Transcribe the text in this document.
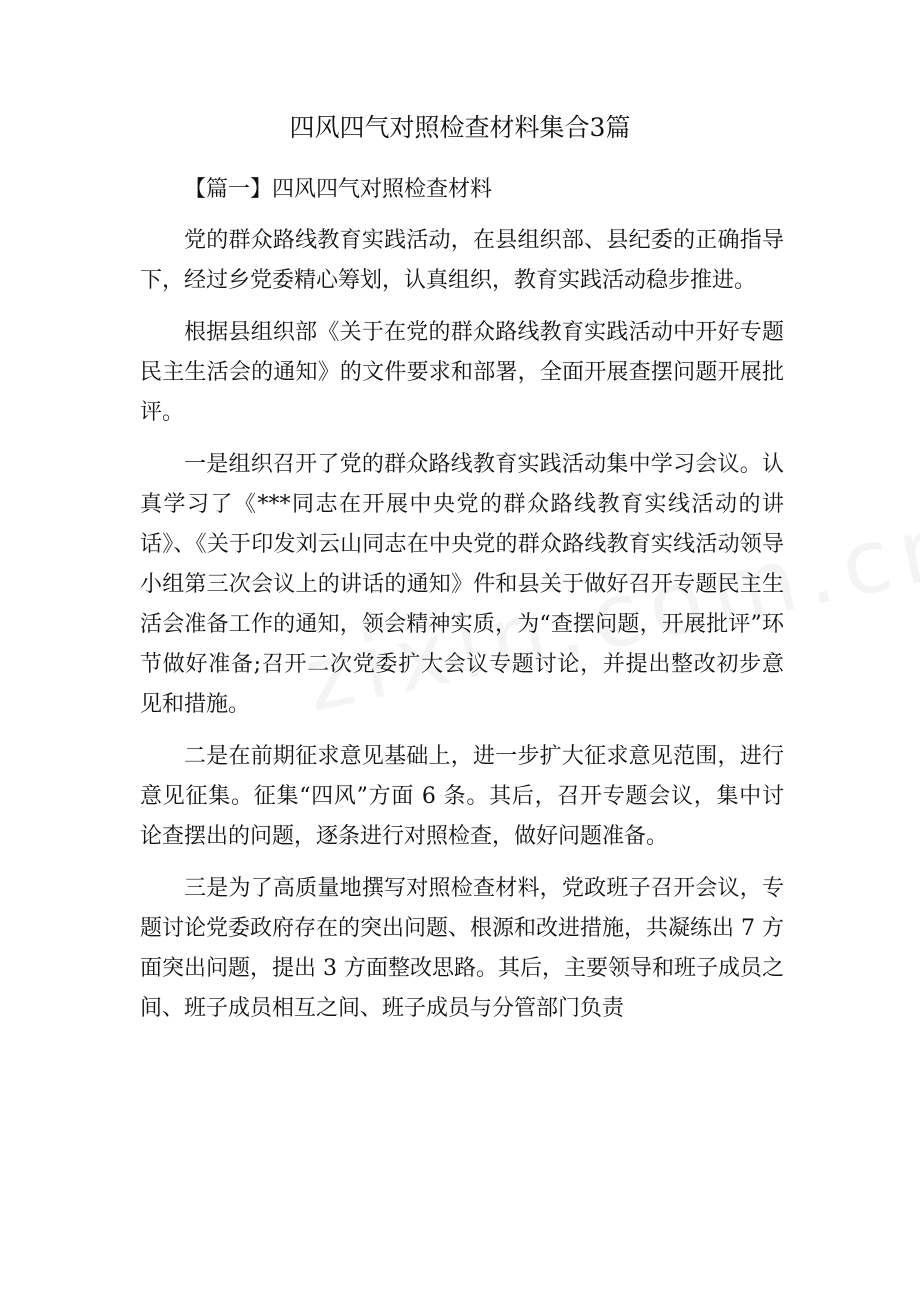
四风四气对照检查材料集合3篇
【篇一】四风四气对照检查材料

党的群众路线教育实践活动，在县组织部、县纪委的正确指导下，经过乡党委精心筹划，认真组织，教育实践活动稳步推进。

根据县组织部《关于在党的群众路线教育实践活动中开好专题民主生活会的通知》的文件要求和部署，全面开展查摆问题开展批评。

一是组织召开了党的群众路线教育实践活动集中学习会议。认真学习了《***同志在开展中央党的群众路线教育实线活动的讲话》、《关于印发刘云山同志在中央党的群众路线教育实线活动领导小组第三次会议上的讲话的通知》件和县关于做好召开专题民主生活会准备工作的通知，领会精神实质，为“查摆问题，开展批评”环节做好准备;召开二次党委扩大会议专题讨论，并提出整改初步意见和措施。

二是在前期征求意见基础上，进一步扩大征求意见范围，进行意见征集。征集“四风”方面 6 条。其后，召开专题会议，集中讨论查摆出的问题，逐条进行对照检查，做好问题准备。

三是为了高质量地撰写对照检查材料，党政班子召开会议，专题讨论党委政府存在的突出问题、根源和改进措施，共凝练出 7 方面突出问题，提出 3 方面整改思路。其后，主要领导和班子成员之间、班子成员相互之间、班子成员与分管部门负责
